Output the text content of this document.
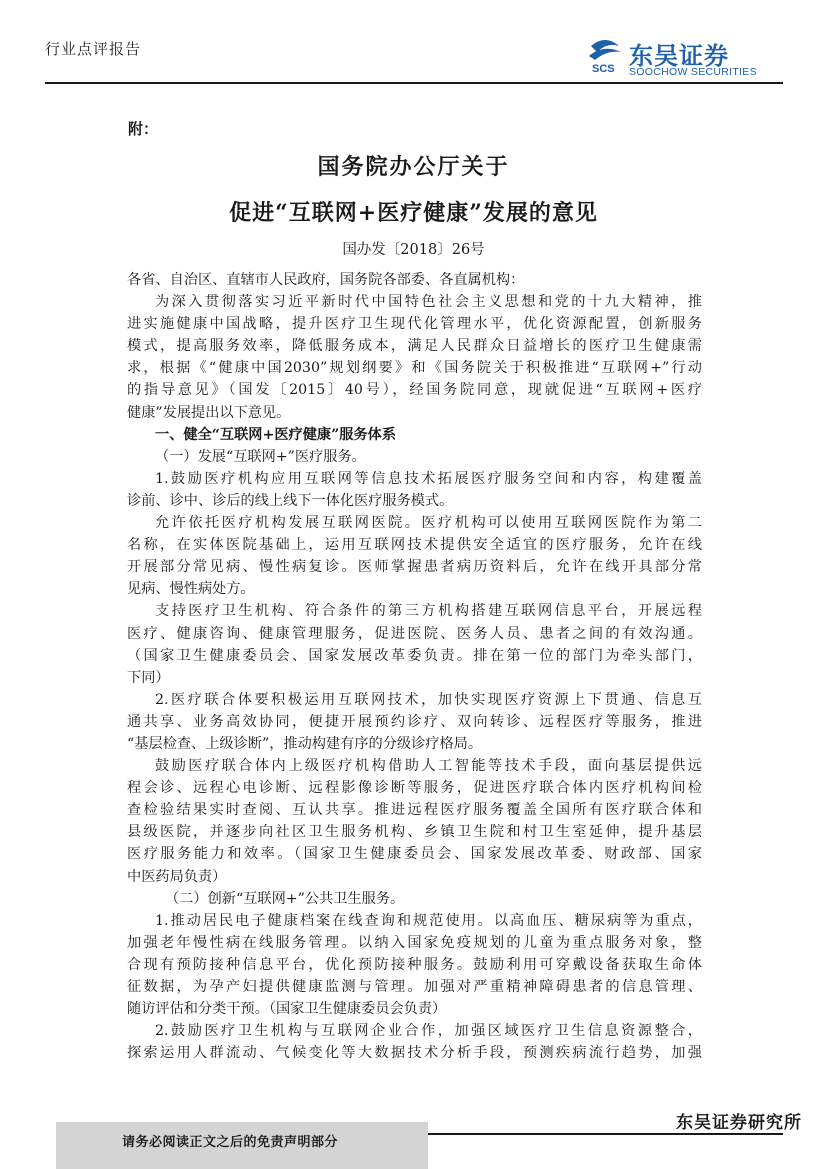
行业点评报告
SCS 东吴证券
SOOCHOW SECURITIES
附：
国务院办公厅关于
促进“互联网+医疗健康”发展的意见
国办发〔2018〕26号
各省、自治区、直辖市人民政府，国务院各部委、各直属机构：
为深入贯彻落实习近平新时代中国特色社会主义思想和党的十九大精神，推
进实施健康中国战略，提升医疗卫生现代化管理水平，优化资源配置，创新服务
模式，提高服务效率，降低服务成本，满足人民群众日益增长的医疗卫生健康需
求，根据《“健康中国2030”规划纲要》和《国务院关于积极推进“互联网+”行动
的指导意见》（国发〔2015〕40号），经国务院同意，现就促进“互联网+医疗
健康”发展提出以下意见。
一、健全“互联网+医疗健康”服务体系
（一）发展“互联网+”医疗服务。
1.鼓励医疗机构应用互联网等信息技术拓展医疗服务空间和内容，构建覆盖
诊前、诊中、诊后的线上线下一体化医疗服务模式。
允许依托医疗机构发展互联网医院。医疗机构可以使用互联网医院作为第二
名称，在实体医院基础上，运用互联网技术提供安全适宜的医疗服务，允许在线
开展部分常见病、慢性病复诊。医师掌握患者病历资料后，允许在线开具部分常
见病、慢性病处方。
支持医疗卫生机构、符合条件的第三方机构搭建互联网信息平台，开展远程
医疗、健康咨询、健康管理服务，促进医院、医务人员、患者之间的有效沟通。
（国家卫生健康委员会、国家发展改革委负责。排在第一位的部门为牵头部门，
下同）
2.医疗联合体要积极运用互联网技术，加快实现医疗资源上下贯通、信息互
通共享、业务高效协同，便捷开展预约诊疗、双向转诊、远程医疗等服务，推进
“基层检查、上级诊断”，推动构建有序的分级诊疗格局。
鼓励医疗联合体内上级医疗机构借助人工智能等技术手段，面向基层提供远
程会诊、远程心电诊断、远程影像诊断等服务，促进医疗联合体内医疗机构间检
查检验结果实时查阅、互认共享。推进远程医疗服务覆盖全国所有医疗联合体和
县级医院，并逐步向社区卫生服务机构、乡镇卫生院和村卫生室延伸，提升基层
医疗服务能力和效率。（国家卫生健康委员会、国家发展改革委、财政部、国家
中医药局负责）
（二）创新“互联网+”公共卫生服务。
1.推动居民电子健康档案在线查询和规范使用。以高血压、糖尿病等为重点，
加强老年慢性病在线服务管理。以纳入国家免疫规划的儿童为重点服务对象，整
合现有预防接种信息平台，优化预防接种服务。鼓励利用可穿戴设备获取生命体
征数据，为孕产妇提供健康监测与管理。加强对严重精神障碍患者的信息管理、
随访评估和分类干预。（国家卫生健康委员会负责）
2.鼓励医疗卫生机构与互联网企业合作，加强区域医疗卫生信息资源整合，
探索运用人群流动、气候变化等大数据技术分析手段，预测疾病流行趋势，加强
请务必阅读正文之后的免责声明部分
东吴证券研究所
